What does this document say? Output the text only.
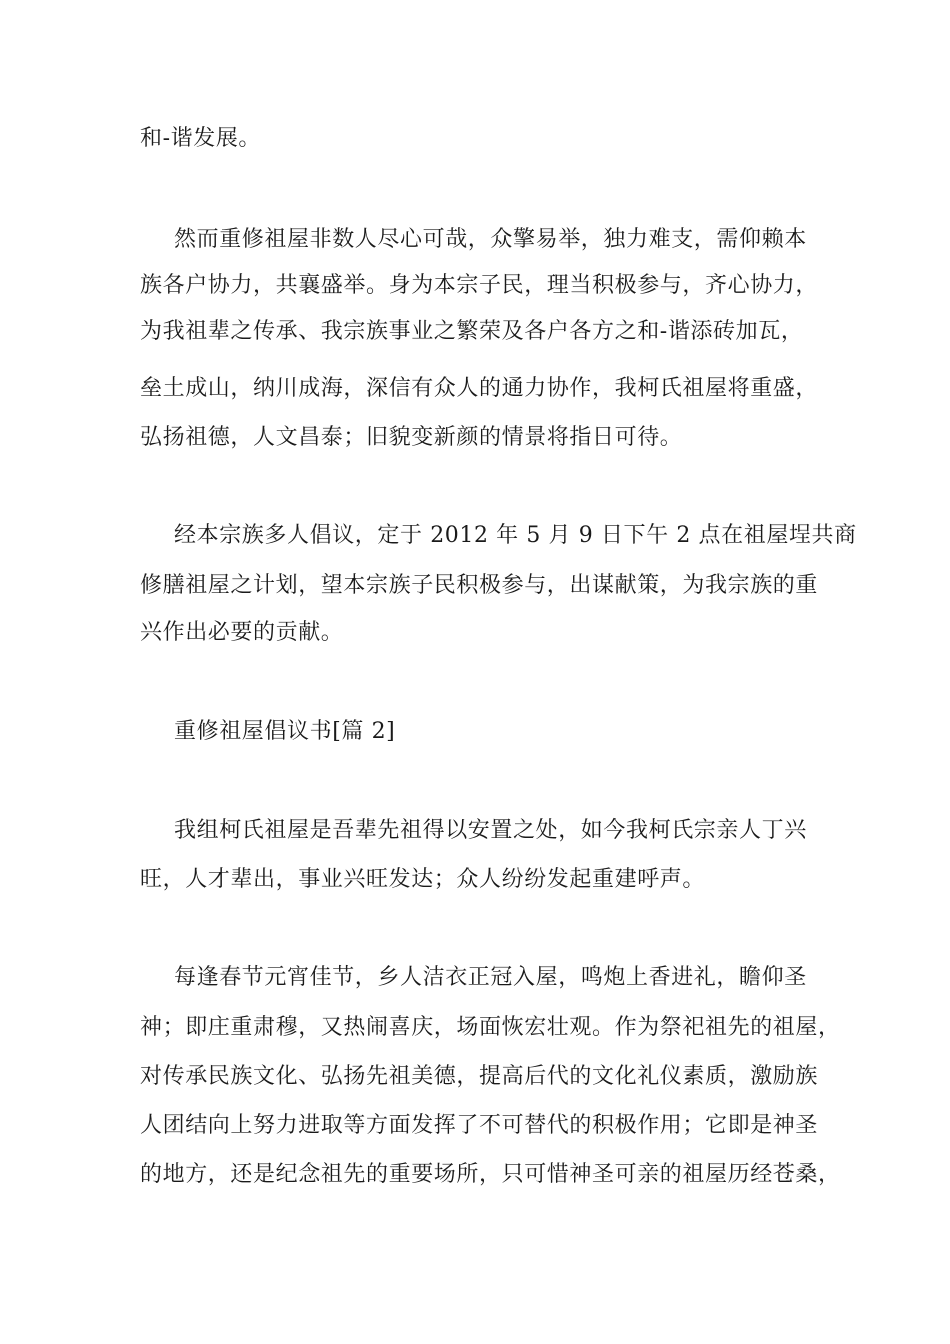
和-谐发展。
然而重修祖屋非数人尽心可哉，众擎易举，独力难支，需仰赖本
族各户协力，共襄盛举。身为本宗子民，理当积极参与，齐心协力，
为我祖辈之传承、我宗族事业之繁荣及各户各方之和-谐添砖加瓦，
垒土成山，纳川成海，深信有众人的通力协作，我柯氏祖屋将重盛，
弘扬祖德，人文昌泰；旧貌变新颜的情景将指日可待。
经本宗族多人倡议，定于 2012 年 5 月 9 日下午 2 点在祖屋埕共商
修膳祖屋之计划，望本宗族子民积极参与，出谋献策，为我宗族的重
兴作出必要的贡献。
重修祖屋倡议书[篇 2]
我组柯氏祖屋是吾辈先祖得以安置之处，如今我柯氏宗亲人丁兴
旺，人才辈出，事业兴旺发达；众人纷纷发起重建呼声。
每逢春节元宵佳节，乡人洁衣正冠入屋，鸣炮上香进礼，瞻仰圣
神；即庄重肃穆，又热闹喜庆，场面恢宏壮观。作为祭祀祖先的祖屋，
对传承民族文化、弘扬先祖美德，提高后代的文化礼仪素质，激励族
人团结向上努力进取等方面发挥了不可替代的积极作用；它即是神圣
的地方，还是纪念祖先的重要场所，只可惜神圣可亲的祖屋历经苍桑，
